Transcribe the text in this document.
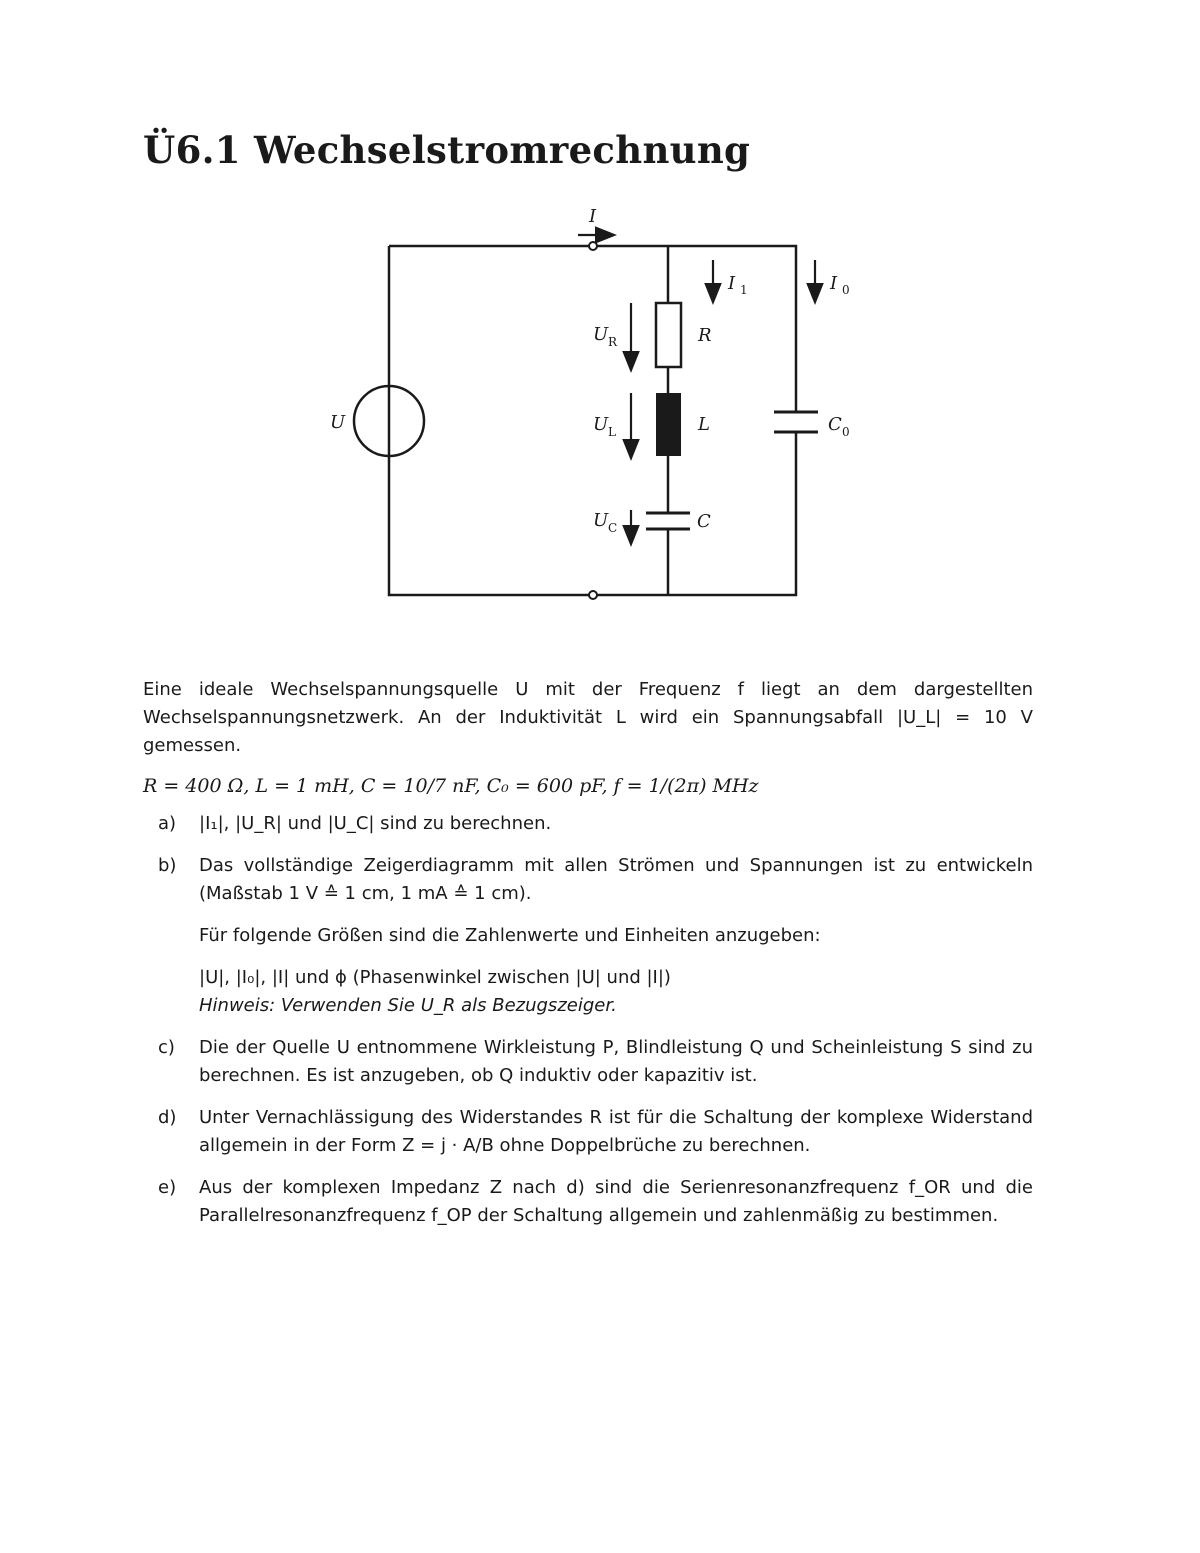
Ü6.1 Wechselstromrechnung
I
I 1	I 0
U R
U L
U C
U
R
L
C
C 0

Eine ideale Wechselspannungsquelle U mit der Frequenz f liegt an dem dargestellten Wechselspannungsnetzwerk. An der Induktivität L wird ein Spannungsabfall |U_L| = 10 V gemessen.

R = 400 Ω, L = 1 mH, C = 10/7 nF, C₀ = 600 pF, f = 1/(2π) MHz

a)	|I₁|, |U_R| und |U_C| sind zu berechnen.

b)	Das vollständige Zeigerdiagramm mit allen Strömen und Spannungen ist zu entwickeln (Maßstab 1 V ≙ 1 cm, 1 mA ≙ 1 cm).

Für folgende Größen sind die Zahlenwerte und Einheiten anzugeben:

|U|, |I₀|, |I| und ϕ (Phasenwinkel zwischen |U| und |I|)

Hinweis: Verwenden Sie U_R als Bezugszeiger.

c)	Die der Quelle U entnommene Wirkleistung P, Blindleistung Q und Scheinleistung S sind zu berechnen. Es ist anzugeben, ob Q induktiv oder kapazitiv ist.

d)	Unter Vernachlässigung des Widerstandes R ist für die Schaltung der komplexe Widerstand allgemein in der Form Z = j · A/B ohne Doppelbrüche zu berechnen.

e)	Aus der komplexen Impedanz Z nach d) sind die Serienresonanzfrequenz f_OR und die Parallelresonanzfrequenz f_OP der Schaltung allgemein und zahlenmäßig zu bestimmen.
